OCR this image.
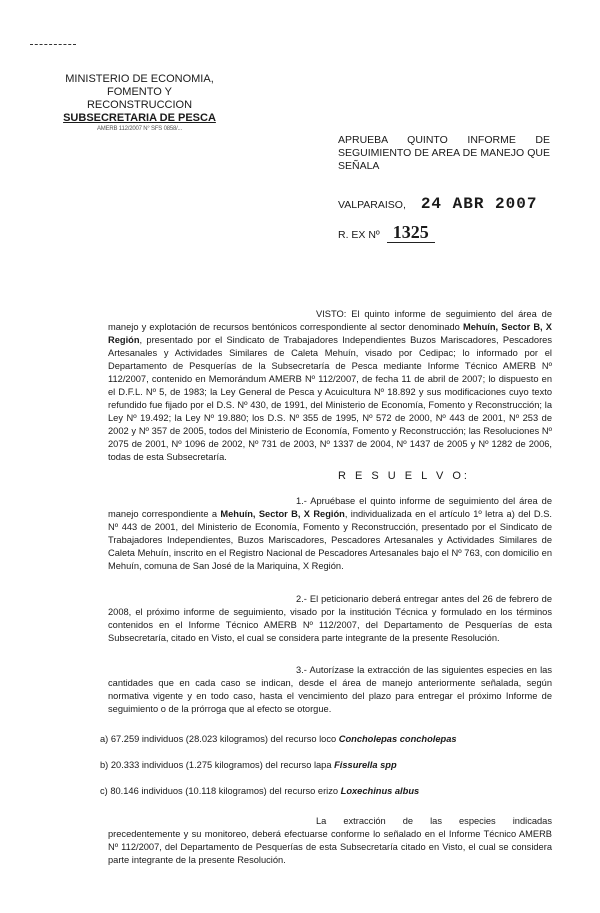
MINISTERIO DE ECONOMIA,
FOMENTO Y RECONSTRUCCION
SUBSECRETARIA DE PESCA
AMERB 112/2007 N° SFS 0858/...
APRUEBA QUINTO INFORME DE SEGUIMIENTO DE AREA DE MANEJO QUE
SEÑALA
VALPARAISO, 24 ABR 2007
R. EX Nº 1325
VISTO: El quinto informe de seguimiento del área de manejo y explotación de recursos bentónicos correspondiente al sector denominado Mehuín, Sector B, X Región, presentado por el Sindicato de Trabajadores Independientes Buzos Mariscadores, Pescadores Artesanales y Actividades Similares de Caleta Mehuín, visado por Cedipac; lo informado por el Departamento de Pesquerías de la Subsecretaría de Pesca mediante Informe Técnico AMERB Nº 112/2007, contenido en Memorándum AMERB Nº 112/2007, de fecha 11 de abril de 2007; lo dispuesto en el D.F.L. Nº 5, de 1983; la Ley General de Pesca y Acuicultura Nº 18.892 y sus modificaciones cuyo texto refundido fue fijado por el D.S. Nº 430, de 1991, del Ministerio de Economía, Fomento y Reconstrucción; la Ley Nº 19.492; la Ley Nº 19.880; los D.S. Nº 355 de 1995, Nº 572 de 2000, Nº 443 de 2001, Nº 253 de 2002 y Nº 357 de 2005, todos del Ministerio de Economía, Fomento y Reconstrucción; las Resoluciones Nº 2075 de 2001, Nº 1096 de 2002, Nº 731 de 2003, Nº 1337 de 2004, Nº 1437 de 2005 y Nº 1282 de 2006, todas de esta Subsecretaría.
R E S U E L V O:
1.- Apruébase el quinto informe de seguimiento del área de manejo correspondiente a Mehuín, Sector B, X Región, individualizada en el artículo 1º letra a) del D.S. Nº 443 de 2001, del Ministerio de Economía, Fomento y Reconstrucción, presentado por el Sindicato de Trabajadores Independientes, Buzos Mariscadores, Pescadores Artesanales y Actividades Similares de Caleta Mehuín, inscrito en el Registro Nacional de Pescadores Artesanales bajo el Nº 763, con domicilio en Mehuín, comuna de San José de la Mariquina, X Región.
2.- El peticionario deberá entregar antes del 26 de febrero de 2008, el próximo informe de seguimiento, visado por la institución Técnica y formulado en los términos contenidos en el Informe Técnico AMERB Nº 112/2007, del Departamento de Pesquerías de esta Subsecretaría, citado en Visto, el cual se considera parte integrante de la presente Resolución.
3.- Autorízase la extracción de las siguientes especies en las cantidades que en cada caso se indican, desde el área de manejo anteriormente señalada, según normativa vigente y en todo caso, hasta el vencimiento del plazo para entregar el próximo Informe de seguimiento o de la prórroga que al efecto se otorgue.
a) 67.259 individuos (28.023 kilogramos) del recurso loco Concholepas concholepas
b) 20.333 individuos (1.275 kilogramos) del recurso lapa Fissurella spp
c) 80.146 individuos (10.118 kilogramos) del recurso erizo Loxechinus albus
La extracción de las especies indicadas precedentemente y su monitoreo, deberá efectuarse conforme lo señalado en el Informe Técnico AMERB Nº 112/2007, del Departamento de Pesquerías de esta Subsecretaría citado en Visto, el cual se considera parte integrante de la presente Resolución.
